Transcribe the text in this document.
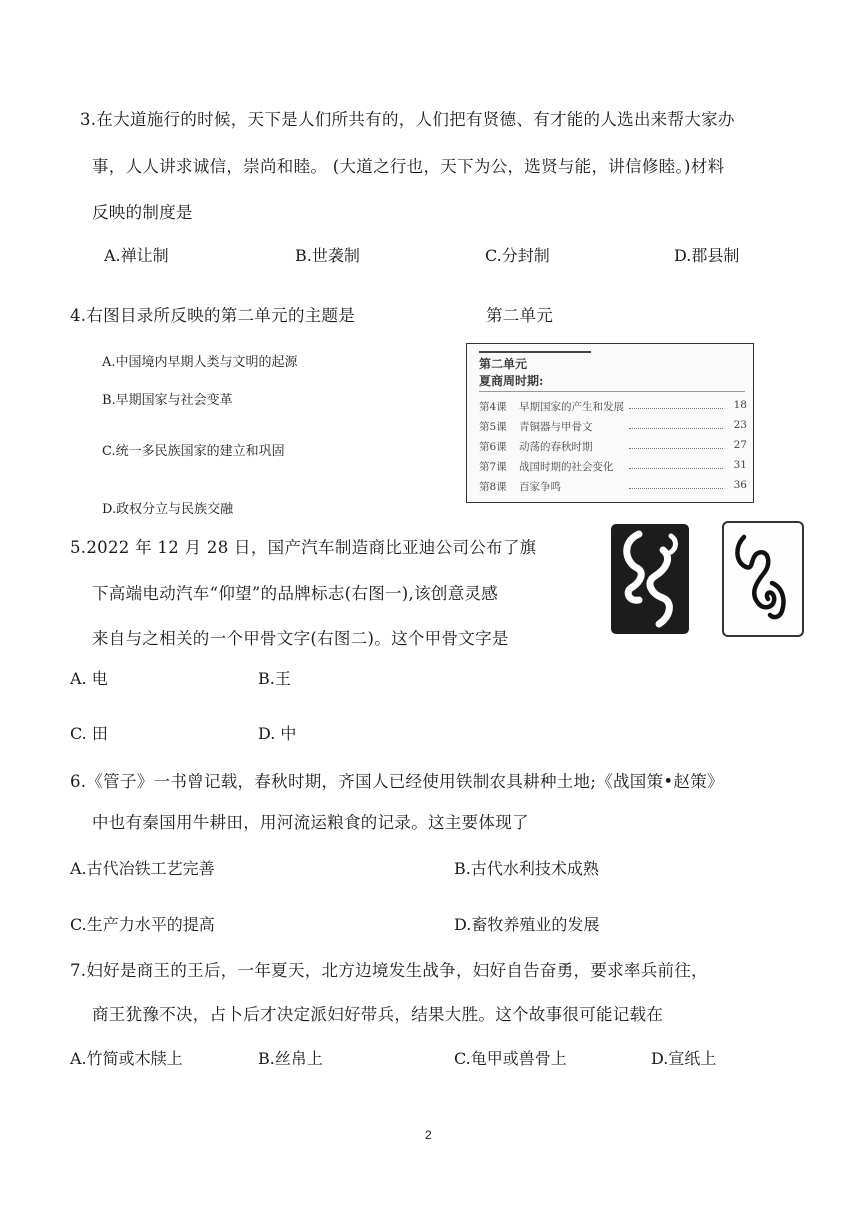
3.在大道施行的时候，天下是人们所共有的，人们把有贤德、有才能的人选出来帮大家办
事，人人讲求诚信，崇尚和睦。 (大道之行也，天下为公，选贤与能，讲信修睦。)材料
反映的制度是
A.禅让制	B.世袭制	C.分封制	D.郡县制
4.右图目录所反映的第二单元的主题是	第二单元
A.中国境内早期人类与文明的起源
B.早期国家与社会变革
C.统一多民族国家的建立和巩固
D.政权分立与民族交融
第二单元
夏商周时期:
第4课 早期国家的产生和发展	18
第5课 青铜器与甲骨文	23
第6课 动荡的春秋时期	27
第7课 战国时期的社会变化	31
第8课 百家争鸣	36
5.2022 年 12 月 28 日，国产汽车制造商比亚迪公司公布了旗
下高端电动汽车“仰望”的品牌标志(右图一),该创意灵感
来自与之相关的一个甲骨文字(右图二)。这个甲骨文字是
A. 电	B.王
C. 田	D. 中
6.《管子》一书曾记载，春秋时期，齐国人已经使用铁制农具耕种土地;《战国策•赵策》
中也有秦国用牛耕田，用河流运粮食的记录。这主要体现了
A.古代冶铁工艺完善	B.古代水利技术成熟
C.生产力水平的提高	D.畜牧养殖业的发展
7.妇好是商王的王后，一年夏天，北方边境发生战争，妇好自告奋勇，要求率兵前往，
商王犹豫不决，占卜后才决定派妇好带兵，结果大胜。这个故事很可能记载在
A.竹简或木牍上	B.丝帛上	C.龟甲或兽骨上	D.宣纸上
2
